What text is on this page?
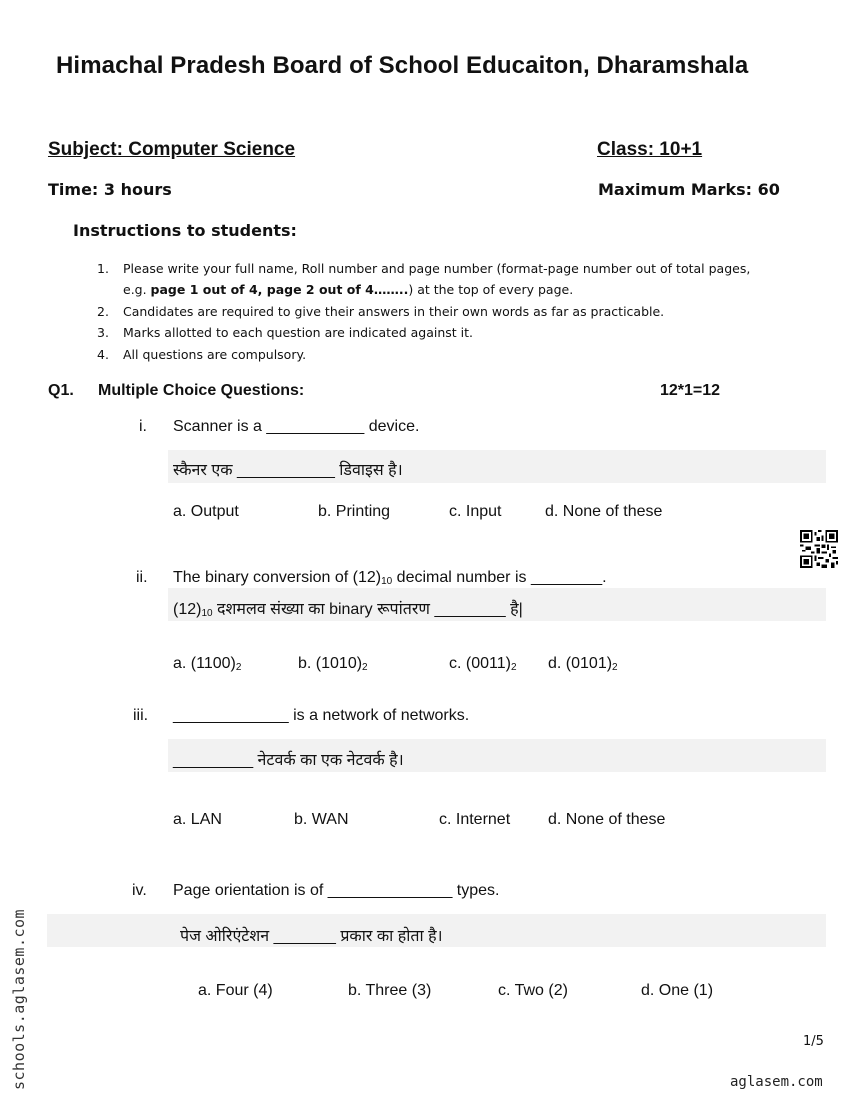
Himachal Pradesh Board of School Educaiton, Dharamshala
Subject: Computer Science	Class: 10+1
Time: 3 hours	Maximum Marks: 60
Instructions to students:
1. Please write your full name, Roll number and page number (format-page number out of total pages,
e.g. page 1 out of 4, page 2 out of 4……..) at the top of every page.
2. Candidates are required to give their answers in their own words as far as practicable.
3. Marks allotted to each question are indicated against it.
4. All questions are compulsory.
Q1. Multiple Choice Questions:	12*1=12
i. Scanner is a ___________ device.
स्कैनर एक ___________ डिवाइस है।
a. Output	b. Printing	c. Input	d. None of these
ii. The binary conversion of $(12)_{10}$ decimal number is ________.
$(12)_{10}$ दशमलव संख्या का binary रूपांतरण ________ है|
a. $(1100)_2$	b. $(1010)_2$	c. $(0011)_2$ d. $(0101)_2$
iii. _____________ is a network of networks.
_________ नेटवर्क का एक नेटवर्क है।
a. LAN	b. WAN	c. Internet d. None of these
iv. Page orientation is of ______________ types.
पेज ओरिएंटेशन _______ प्रकार का होता है।
a. Four (4)	b. Three (3)	c. Two (2)	d. One (1)
1/5
aglasem.com
schools.aglasem.com
